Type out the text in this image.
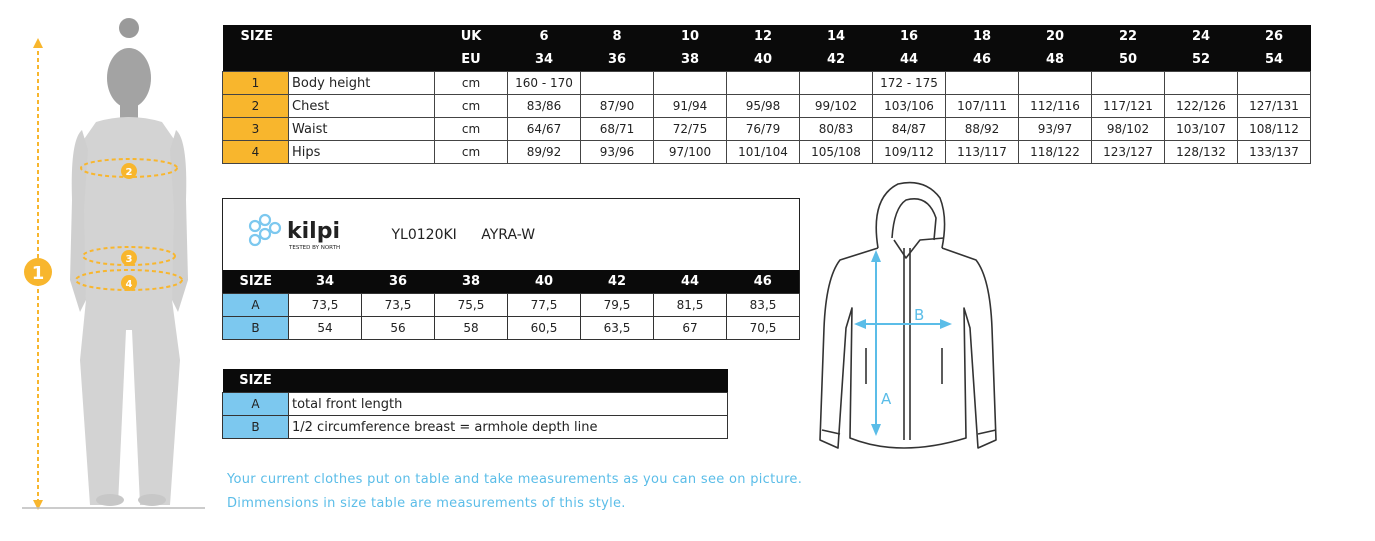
1
2
3
4
SIZE		UK	6	8	10	12	14	16	18	20	22	24	26
		EU	34	36	38	40	42	44	46	48	50	52	54
1	Body height	cm	160 - 170					172 - 175					
2	Chest	cm	83/86	87/90	91/94	95/98	99/102	103/106	107/111	112/116	117/121	122/126	127/131
3	Waist	cm	64/67	68/71	72/75	76/79	80/83	84/87	88/92	93/97	98/102	103/107	108/112
4	Hips	cm	89/92	93/96	97/100	101/104	105/108	109/112	113/117	118/122	123/127	128/132	133/137
kilpi
TESTED BY NORTH		YL0120KI AYRA-W					
SIZE	34	36	38	40	42	44	46
A	73,5	73,5	75,5	77,5	79,5	81,5	83,5
B	54	56	58	60,5	63,5	67	70,5
SIZE	
A	total front length
B	1/2 circumference breast = armhole depth line
A
B
Your current clothes put on table and take measurements as you can see on picture.
Dimmensions in size table are measurements of this style.
